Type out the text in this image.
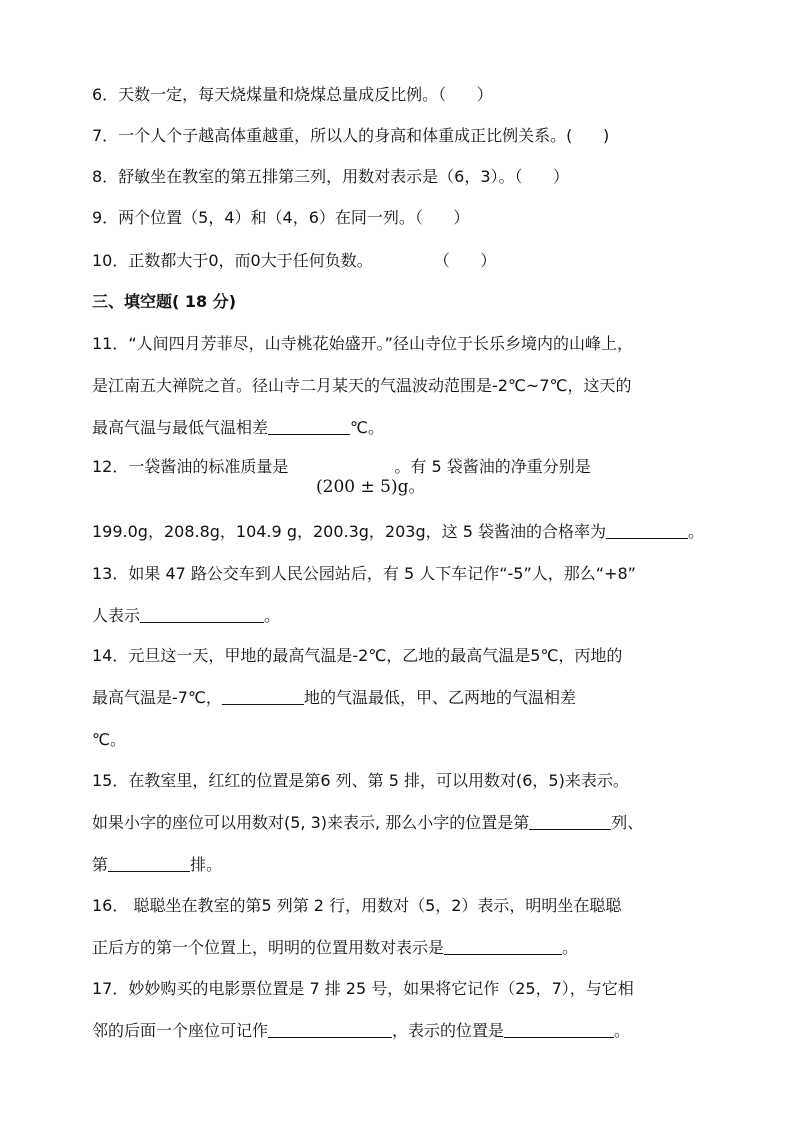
6．天数一定，每天烧煤量和烧煤总量成反比例。（      ）
7．一个人个子越高体重越重，所以人的身高和体重成正比例关系。(      )
8．舒敏坐在教室的第五排第三列，用数对表示是（6，3）。（      ）
9．两个位置（5，4）和（4，6）在同一列。（      ）
10．正数都大于0，而0大于任何负数。            （      ）
三、填空题( 18 分)
11．“人间四月芳菲尽，山寺桃花始盛开。”径山寺位于长乐乡境内的山峰上，
是江南五大禅院之首。径山寺二月某天的气温波动范围是-2℃~7℃，这天的
最高气温与最低气温相差	℃。
12．一袋酱油的标准质量是	。有 5 袋酱油的净重分别是
(200 ± 5)g。
199.0g，208.8g，104.9 g，200.3g，203g，这 5 袋酱油的合格率为	。
13．如果 47 路公交车到人民公园站后，有 5 人下车记作“-5”人，那么“+8”
人表示	。
14．元旦这一天，甲地的最高气温是-2℃，乙地的最高气温是5℃，丙地的
最高气温是-7℃，	地的气温最低，甲、乙两地的气温相差
℃。
15．在教室里，红红的位置是第6 列、第 5 排，可以用数对(6，5)来表示。
如果小字的座位可以用数对(5, 3)来表示, 那么小字的位置是第	列、
第	排。
16． 聪聪坐在教室的第5 列第 2 行，用数对（5，2）表示，明明坐在聪聪
正后方的第一个位置上，明明的位置用数对表示是	。
17．妙妙购买的电影票位置是 7 排 25 号，如果将它记作（25，7），与它相
邻的后面一个座位可记作	，表示的位置是	。
